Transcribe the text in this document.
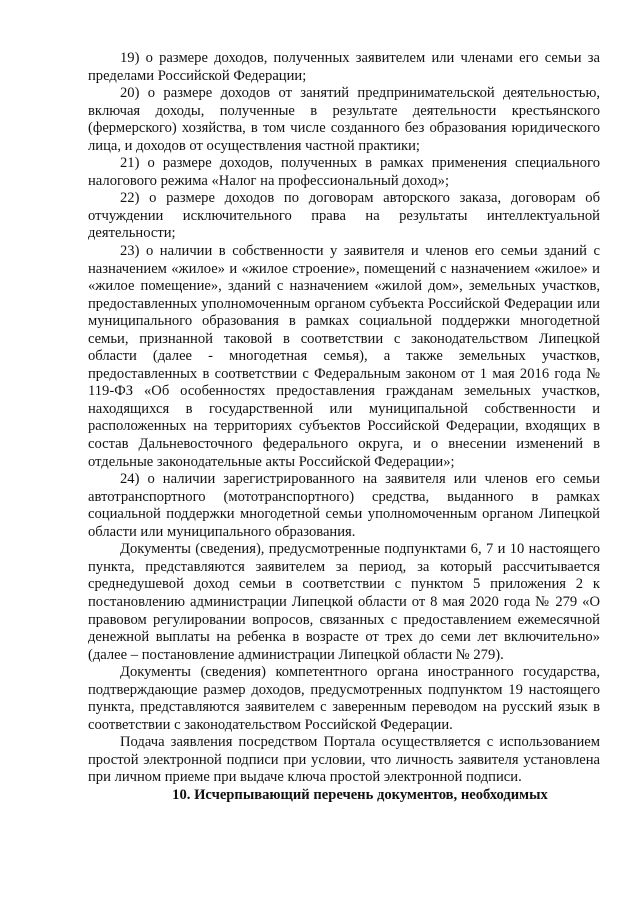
19) о размере доходов, полученных заявителем или членами его семьи за пределами Российской Федерации;

20) о размере доходов от занятий предпринимательской деятельностью, включая доходы, полученные в результате деятельности крестьянского (фермерского) хозяйства, в том числе созданного без образования юридического лица, и доходов от осуществления частной практики;

21) о размере доходов, полученных в рамках применения специального налогового режима «Налог на профессиональный доход»;

22) о размере доходов по договорам авторского заказа, договорам об отчуждении исключительного права на результаты интеллектуальной деятельности;

23) о наличии в собственности у заявителя и членов его семьи зданий с назначением «жилое» и «жилое строение», помещений с назначением «жилое» и «жилое помещение», зданий с назначением «жилой дом», земельных участков, предоставленных уполномоченным органом субъекта Российской Федерации или муниципального образования в рамках социальной поддержки многодетной семьи, признанной таковой в соответствии с законодательством Липецкой области (далее - многодетная семья), а также земельных участков, предоставленных в соответствии с Федеральным законом от 1 мая 2016 года № 119-ФЗ «Об особенностях предоставления гражданам земельных участков, находящихся в государственной или муниципальной собственности и расположенных на территориях субъектов Российской Федерации, входящих в состав Дальневосточного федерального округа, и о внесении изменений в отдельные законодательные акты Российской Федерации»;

24) о наличии зарегистрированного на заявителя или членов его семьи автотранспортного (мототранспортного) средства, выданного в рамках социальной поддержки многодетной семьи уполномоченным органом Липецкой области или муниципального образования.

Документы (сведения), предусмотренные подпунктами 6, 7 и 10 настоящего пункта, представляются заявителем за период, за который рассчитывается среднедушевой доход семьи в соответствии с пунктом 5 приложения 2 к постановлению администрации Липецкой области от 8 мая 2020 года № 279 «О правовом регулировании вопросов, связанных с предоставлением ежемесячной денежной выплаты на ребенка в возрасте от трех до семи лет включительно» (далее – постановление администрации Липецкой области № 279).

Документы (сведения) компетентного органа иностранного государства, подтверждающие размер доходов, предусмотренных подпунктом 19 настоящего пункта, представляются заявителем с заверенным переводом на русский язык в соответствии с законодательством Российской Федерации.

Подача заявления посредством Портала осуществляется с использованием простой электронной подписи при условии, что личность заявителя установлена при личном приеме при выдаче ключа простой электронной подписи.

10. Исчерпывающий перечень документов, необходимых
